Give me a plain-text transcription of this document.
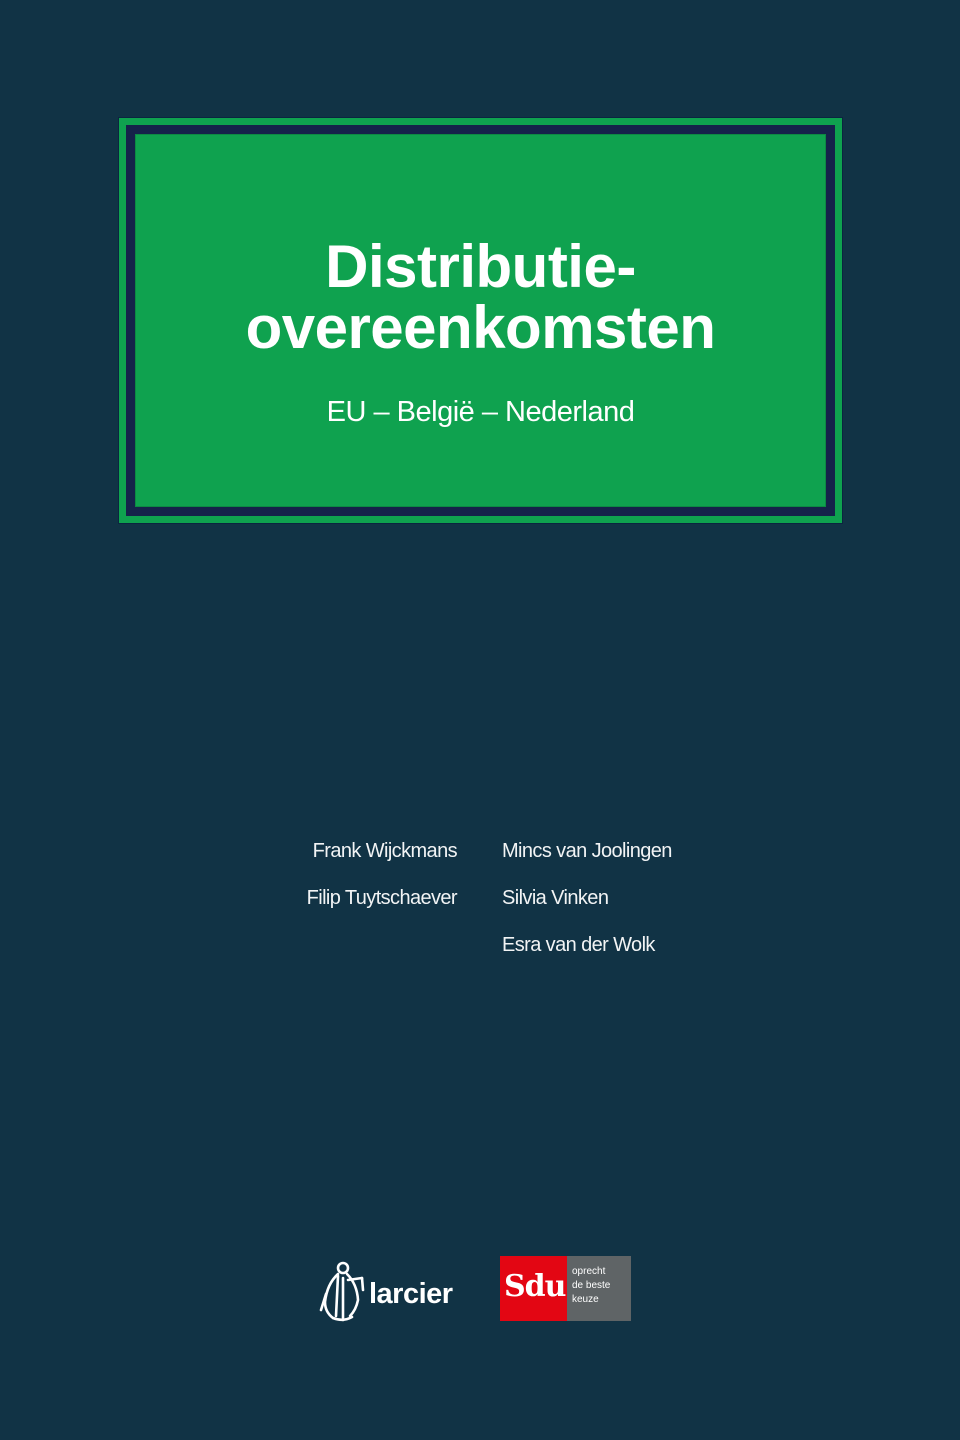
Distributie-
overeenkomsten
EU – België – Nederland
Frank Wijckmans
Filip Tuytschaever
Mincs van Joolingen
Silvia Vinken
Esra van der Wolk
larcier Sdu oprecht
de beste
keuze
